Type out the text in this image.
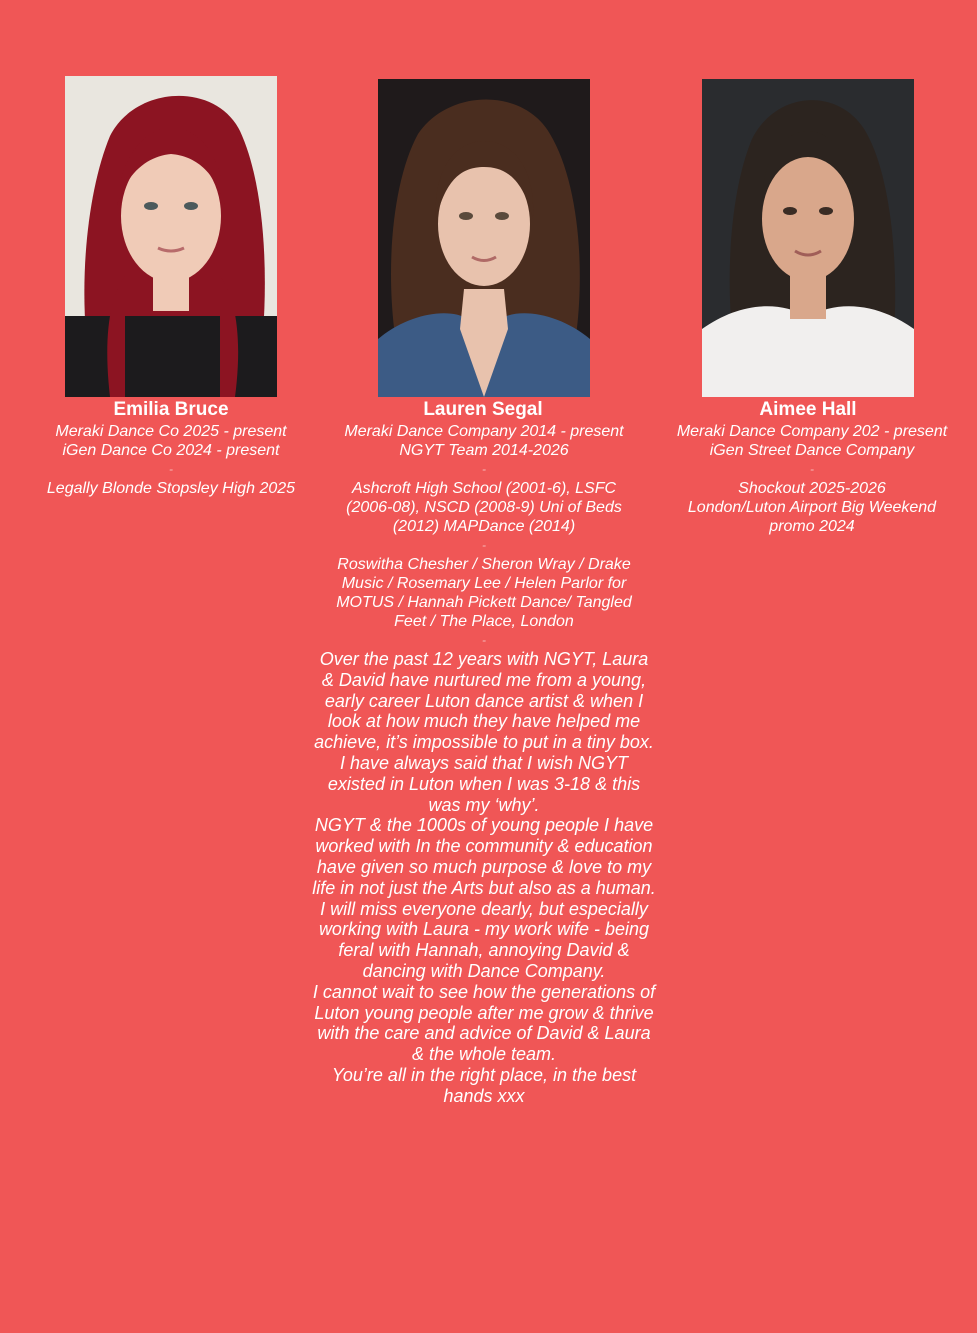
Emilia Bruce
Meraki Dance Co 2025 - present
iGen Dance Co 2024 - present
-
Legally Blonde Stopsley High 2025
Lauren Segal
Meraki Dance Company 2014 - present
NGYT Team 2014-2026
-
Ashcroft High School (2001-6), LSFC
(2006-08), NSCD (2008-9) Uni of Beds
(2012) MAPDance (2014)
-
Roswitha Chesher / Sheron Wray / Drake
Music / Rosemary Lee / Helen Parlor for
MOTUS / Hannah Pickett Dance/ Tangled
Feet / The Place, London
-
Over the past 12 years with NGYT, Laura & David have nurtured me from a young, early career Luton dance artist & when I look at how much they have helped me achieve, it’s impossible to put in a tiny box.
I have always said that I wish NGYT existed in Luton when I was 3-18 & this was my ‘why’.
NGYT & the 1000s of young people I have worked with In the community & education have given so much purpose & love to my life in not just the Arts but also as a human.
I will miss everyone dearly, but especially working with Laura - my work wife - being feral with Hannah, annoying David & dancing with Dance Company.
I cannot wait to see how the generations of Luton young people after me grow & thrive with the care and advice of David & Laura & the whole team.
You’re all in the right place, in the best hands xxx
Aimee Hall
Meraki Dance Company 202 - present
iGen Street Dance Company
-
Shockout 2025-2026
London/Luton Airport Big Weekend
promo 2024
